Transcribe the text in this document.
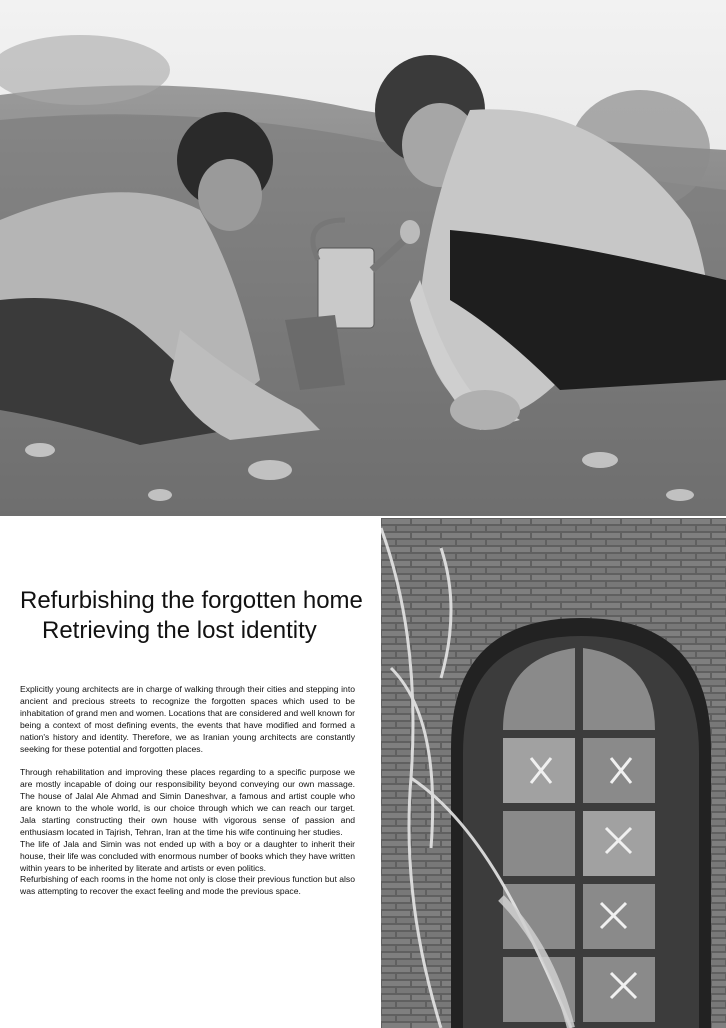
Refurbishing the forgotten home
Retrieving the lost identity

Explicitly young architects are in charge of walking through their cities and stepping into ancient and precious streets to recognize the forgotten spaces which used to be inhabitation of grand men and women. Locations that are considered and well known for being a context of most defining events, the events that have modified and formed a nation's history and identity. Therefore, we as Iranian young architects are constantly seeking for these potential and forgotten places.

Through rehabilitation and improving these places regarding to a specific purpose we are mostly incapable of doing our responsibility beyond conveying our own massage.

The house of Jalal Ale Ahmad and Simin Daneshvar, a famous and artist couple who are known to the whole world, is our choice through which we can reach our target.

Jala starting constructing their own house with vigorous sense of passion and enthusiasm located in Tajrish, Tehran, Iran at the time his wife continuing her studies.

The life of Jala and Simin was not ended up with a boy or a daughter to inherit their house, their life was concluded with enormous number of books which they have written within years to be inherited by literate and artists or even politics.

Refurbishing of each rooms in the home not only is close their previous function but also was attempting to recover the exact feeling and mode the previous space.
